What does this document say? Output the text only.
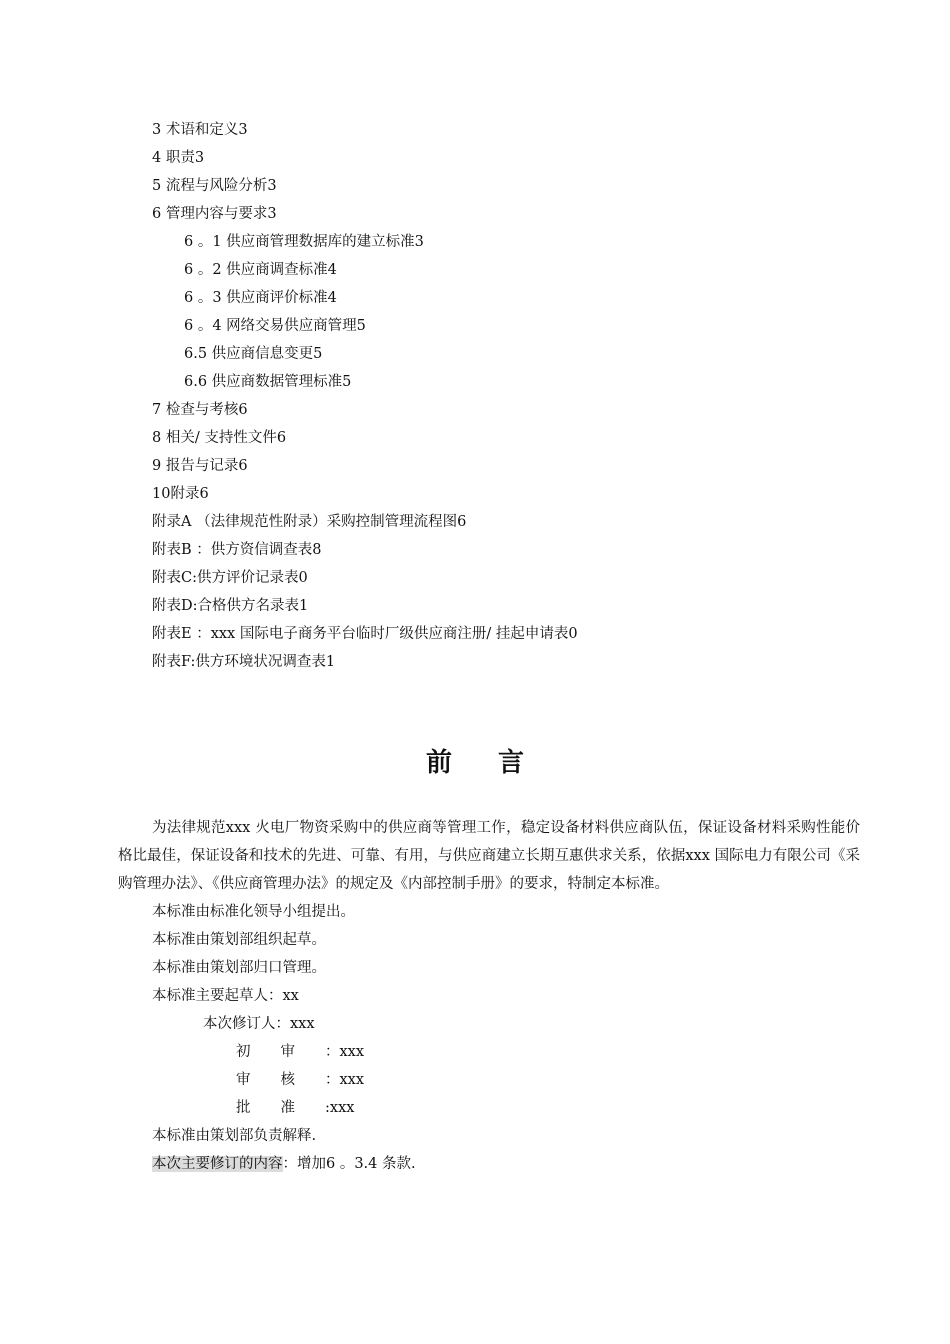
3 术语和定义3
4 职责3
5 流程与风险分析3
6 管理内容与要求3
6 。1 供应商管理数据库的建立标准3
6 。2 供应商调查标准4
6 。3 供应商评价标准4
6 。4 网络交易供应商管理5
6.5 供应商信息变更5
6.6 供应商数据管理标准5
7 检查与考核6
8 相关/ 支持性文件6
9 报告与记录6
10附录6
附录A （法律规范性附录）采购控制管理流程图6
附表B ：供方资信调查表8
附表C:供方评价记录表0
附表D:合格供方名录表1
附表E ：xxx 国际电子商务平台临时厂级供应商注册/ 挂起申请表0
附表F:供方环境状况调查表1
前言
为法律规范xxx 火电厂物资采购中的供应商等管理工作，稳定设备材料供应商队伍，保证设备材料采购性能价格比最佳，保证设备和技术的先进、可靠、有用，与供应商建立长期互惠供求关系，依据xxx 国际电力有限公司《采购管理办法》、《供应商管理办法》的规定及《内部控制手册》的要求，特制定本标准。
本标准由标准化领导小组提出。
本标准由策划部组织起草。
本标准由策划部归口管理。
本标准主要起草人：xx
本次修订人：xxx
初审：xxx
审核：xxx
批准:xxx
本标准由策划部负责解释.
本次主要修订的内容：增加6 。3.4 条款.
